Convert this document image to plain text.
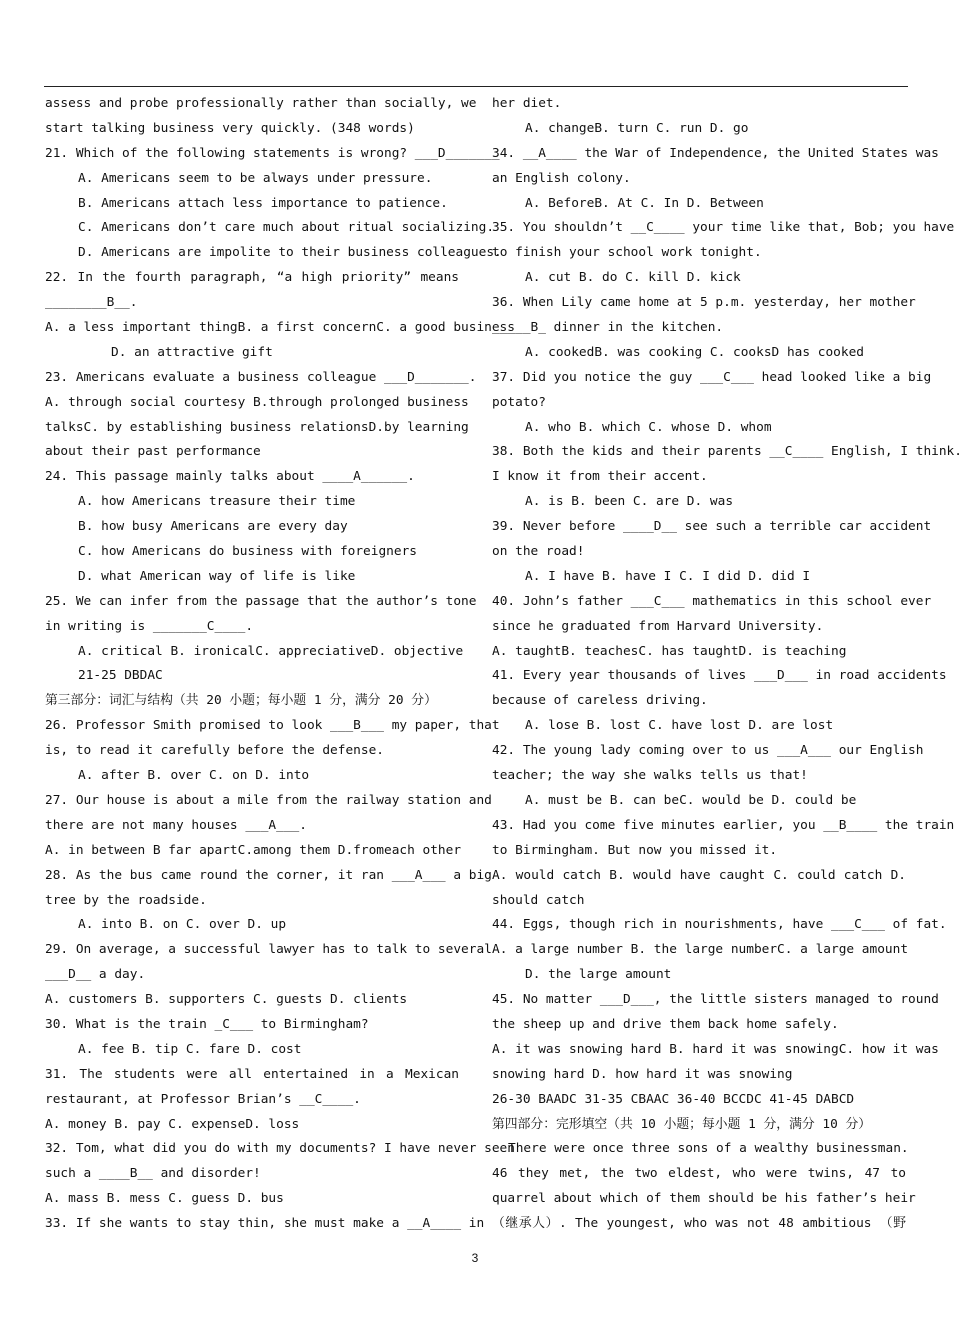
assess and probe professionally rather than socially, we
start talking business very quickly. (348 words)
21. Which of the following statements is wrong? ___D_______
A. Americans seem to be always under pressure.
B. Americans attach less importance to patience.
C. Americans don’t care much about ritual socializing.
D. Americans are impolite to their business colleagues.
22. In the fourth paragraph, “a high priority” means
________B__.
A. a less important thingB. a first concernC. a good business
D. an attractive gift
23. Americans evaluate a business colleague ___D_______.
A. through social courtesy B.through prolonged business
talksC. by establishing business relationsD.by learning
about their past performance
24. This passage mainly talks about ____A______.
A. how Americans treasure their time
B. how busy Americans are every day
C. how Americans do business with foreigners
D. what American way of life is like
25. We can infer from the passage that the author’s tone
in writing is _______C____.
A. critical B. ironicalC. appreciativeD. objective
21-25 DBDAC
第三部分：词汇与结构（共 20 小题；每小题 1 分，满分 20 分）
26. Professor Smith promised to look ___B___ my paper, that
is, to read it carefully before the defense.
A. after B. over C. on D. into
27. Our house is about a mile from the railway station and
there are not many houses ___A___.
A. in between B far apartC.among them D.fromeach other
28. As the bus came round the corner, it ran ___A___ a big
tree by the roadside.
A. into B. on C. over D. up
29. On average, a successful lawyer has to talk to several
___D__ a day.
A. customers B. supporters C. guests D. clients
30. What is the train _C___ to Birmingham?
A. fee B. tip C. fare D. cost
31. The students were all entertained in a Mexican
restaurant, at Professor Brian’s __C____.
A. money B. pay C. expenseD. loss
32. Tom, what did you do with my documents? I have never seen
such a ____B__ and disorder!
A. mass B. mess C. guess D. bus
33. If she wants to stay thin, she must make a __A____ in
her diet.
A. changeB. turn C. run D. go
34. __A____ the War of Independence, the United States was
an English colony.
A. BeforeB. At C. In D. Between
35. You shouldn’t __C____ your time like that, Bob; you have
to finish your school work tonight.
A. cut B. do C. kill D. kick
36. When Lily came home at 5 p.m. yesterday, her mother
_____B_ dinner in the kitchen.
A. cookedB. was cooking C. cooksD has cooked
37. Did you notice the guy ___C___ head looked like a big
potato?
A. who B. which C. whose D. whom
38. Both the kids and their parents __C____ English, I think.
I know it from their accent.
A. is B. been C. are D. was
39. Never before ____D__ see such a terrible car accident
on the road!
A. I have B. have I C. I did D. did I
40. John’s father ___C___ mathematics in this school ever
since he graduated from Harvard University.
A. taughtB. teachesC. has taughtD. is teaching
41. Every year thousands of lives ___D___ in road accidents
because of careless driving.
A. lose B. lost C. have lost D. are lost
42. The young lady coming over to us ___A___ our English
teacher; the way she walks tells us that!
A. must be B. can beC. would be D. could be
43. Had you come five minutes earlier, you __B____ the train
to Birmingham. But now you missed it.
A. would catch B. would have caught C. could catch D.
should catch
44. Eggs, though rich in nourishments, have ___C___ of fat.
A. a large number B. the large numberC. a large amount
D. the large amount
45. No matter ___D___, the little sisters managed to round
the sheep up and drive them back home safely.
A. it was snowing hard B. hard it was snowingC. how it was
snowing hard D. how hard it was snowing
26-30 BAADC 31-35 CBAAC 36-40 BCCDC 41-45 DABCD
第四部分：完形填空（共 10 小题；每小题 1 分，满分 10 分）
There were once three sons of a wealthy businessman.
46 they met, the two eldest, who were twins, 47 to
quarrel about which of them should be his father’s heir
（继承人）. The youngest, who was not 48 ambitious （野
3
